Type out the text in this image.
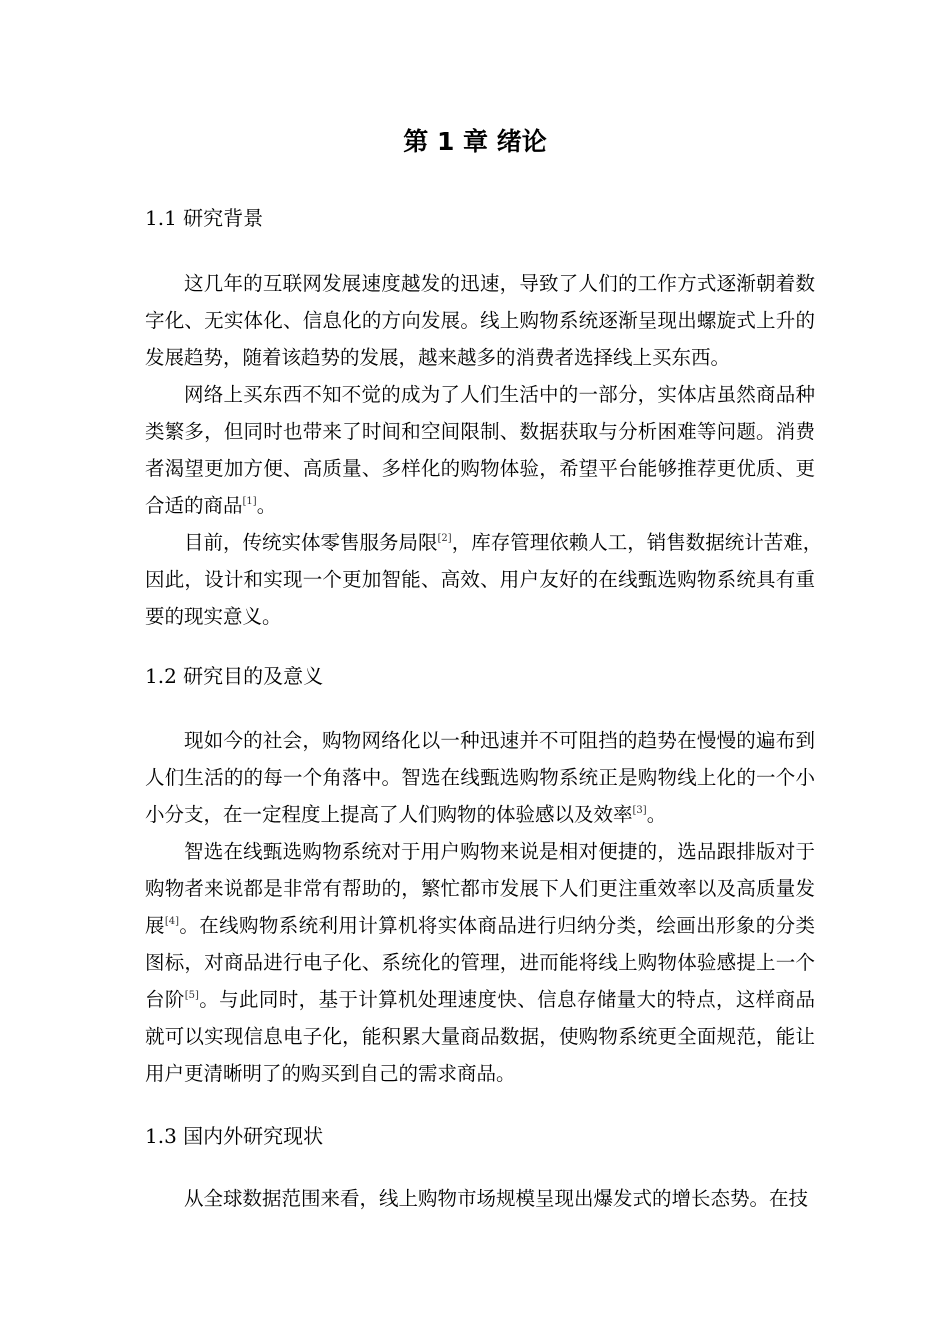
第 1 章 绪论
1.1 研究背景
这几年的互联网发展速度越发的迅速，导致了人们的工作方式逐渐朝着数
字化、无实体化、信息化的方向发展。线上购物系统逐渐呈现出螺旋式上升的
发展趋势，随着该趋势的发展，越来越多的消费者选择线上买东西。
网络上买东西不知不觉的成为了人们生活中的一部分，实体店虽然商品种
类繁多，但同时也带来了时间和空间限制、数据获取与分析困难等问题。消费
者渴望更加方便、高质量、多样化的购物体验，希望平台能够推荐更优质、更
合适的商品[1]。
目前，传统实体零售服务局限[2]，库存管理依赖人工，销售数据统计苦难，
因此，设计和实现一个更加智能、高效、用户友好的在线甄选购物系统具有重
要的现实意义。
1.2 研究目的及意义
现如今的社会，购物网络化以一种迅速并不可阻挡的趋势在慢慢的遍布到
人们生活的的每一个角落中。智选在线甄选购物系统正是购物线上化的一个小
小分支，在一定程度上提高了人们购物的体验感以及效率[3]。
智选在线甄选购物系统对于用户购物来说是相对便捷的，选品跟排版对于
购物者来说都是非常有帮助的，繁忙都市发展下人们更注重效率以及高质量发
展[4]。在线购物系统利用计算机将实体商品进行归纳分类，绘画出形象的分类
图标，对商品进行电子化、系统化的管理，进而能将线上购物体验感提上一个
台阶[5]。与此同时，基于计算机处理速度快、信息存储量大的特点，这样商品
就可以实现信息电子化，能积累大量商品数据，使购物系统更全面规范，能让
用户更清晰明了的购买到自己的需求商品。
1.3 国内外研究现状
从全球数据范围来看，线上购物市场规模呈现出爆发式的增长态势。在技
